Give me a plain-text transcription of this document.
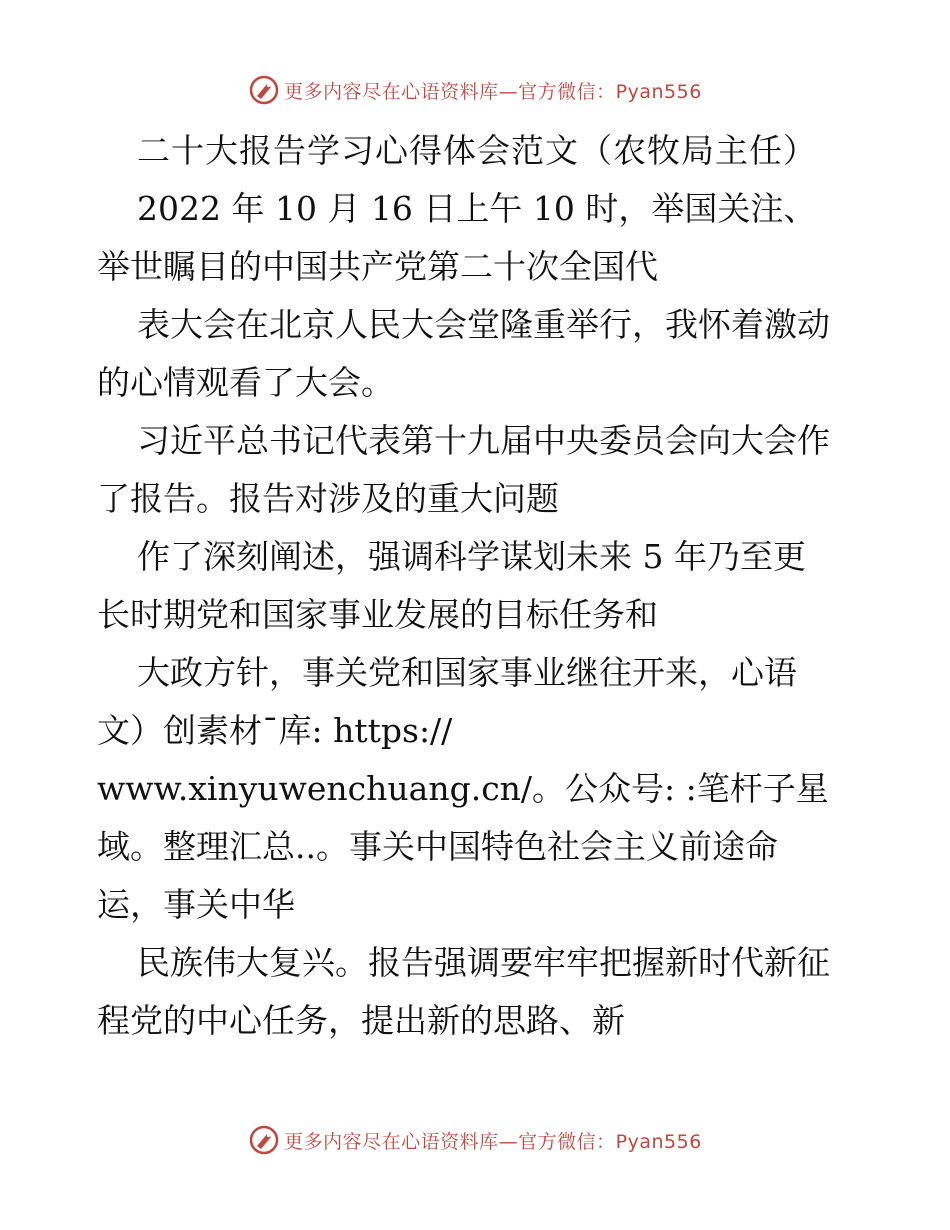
更多内容尽在心语资料库—官方微信：Pyan556
二十大报告学习心得体会范文（农牧局主任）
2022 年 10 月 16 日上午 10 时，举国关注、
举世瞩目的中国共产党第二十次全国代
表大会在北京人民大会堂隆重举行，我怀着激动
的心情观看了大会。
习近平总书记代表第十九届中央委员会向大会作
了报告。报告对涉及的重大问题
作了深刻阐述，强调科学谋划未来 5 年乃至更
长时期党和国家事业发展的目标任务和
大政方针，事关党和国家事业继往开来，心语
文）创素材¯库: https://
www.xinyuwenchuang.cn/。公众号: :笔杆子星
域。整理汇总..。事关中国特色社会主义前途命
运，事关中华
民族伟大复兴。报告强调要牢牢把握新时代新征
程党的中心任务，提出新的思路、新
更多内容尽在心语资料库—官方微信：Pyan556
